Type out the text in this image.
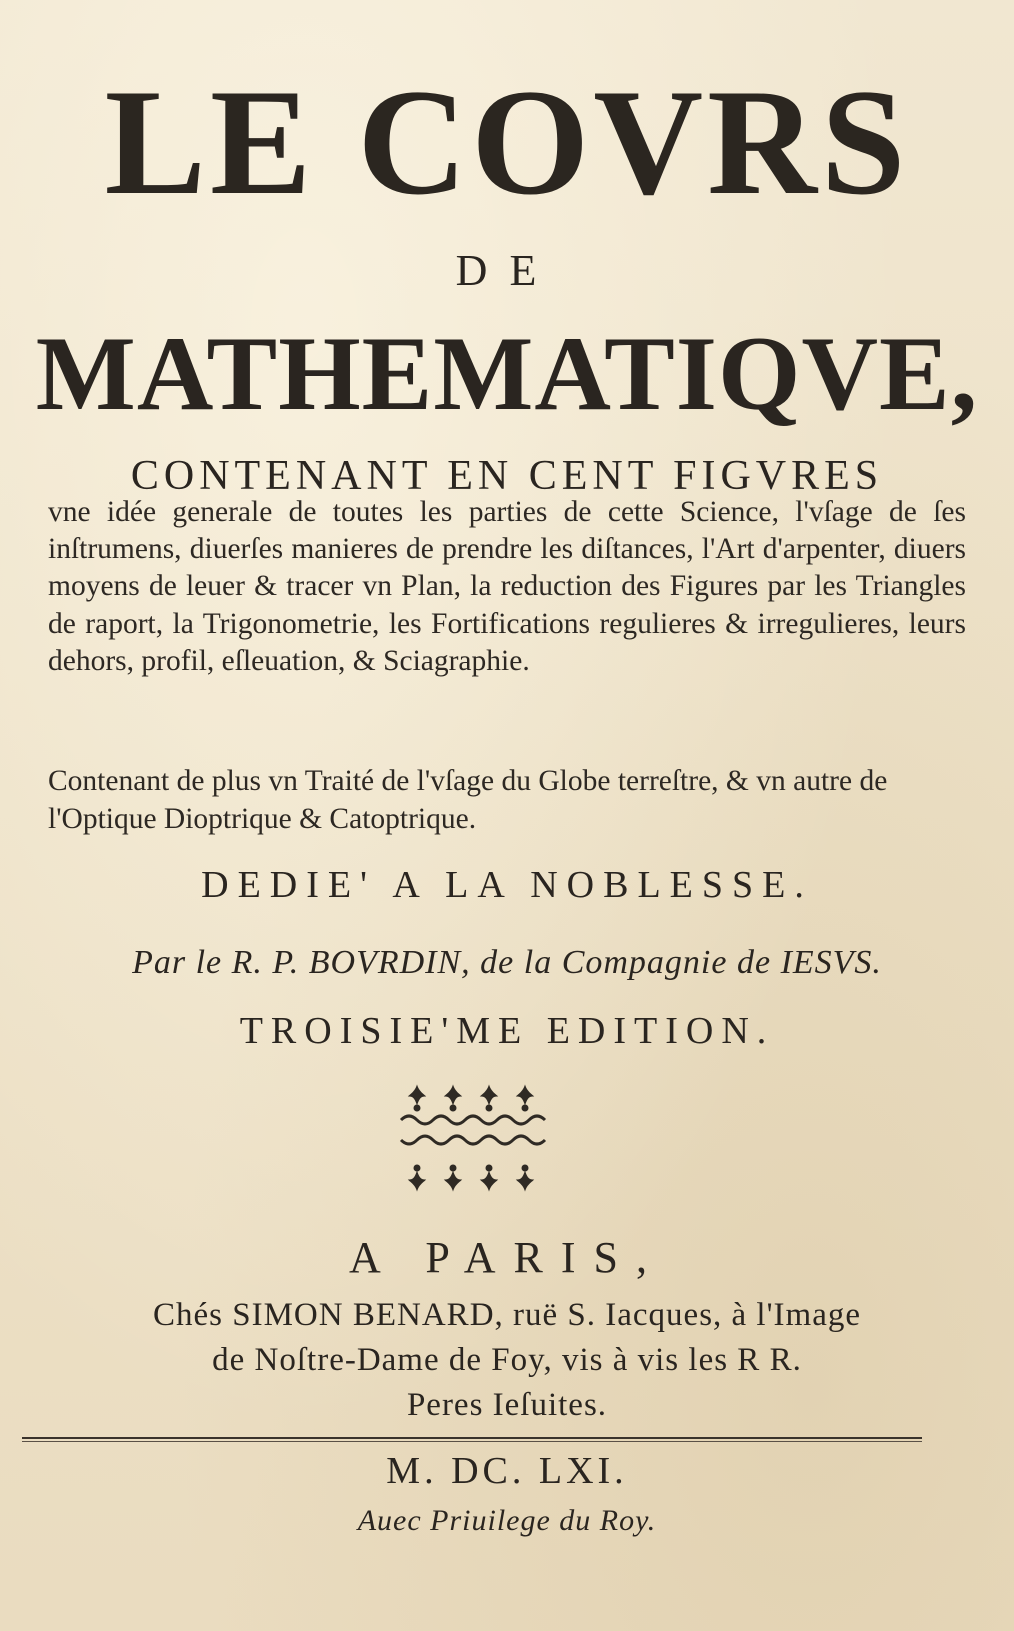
LE COVRS
DE
MATHEMATIQVE,
CONTENANT EN CENT FIGVRES

vne idée generale de toutes les parties de cette Science, l'vſage de ſes inſtrumens, diuerſes manieres de prendre les diſtances, l'Art d'arpenter, diuers moyens de leuer & tracer vn Plan, la reduction des Figures par les Triangles de raport, la Trigonometrie, les Fortifications regulieres & irregulieres, leurs dehors, profil, eſleuation, & Sciagraphie.

Contenant de plus vn Traité de l'vſage du Globe terreſtre, & vn autre de l'Optique Dioptrique & Catoptrique.

DEDIE' A LA NOBLESSE.
Par le R. P. BOVRDIN, de la Compagnie de IESVS.
TROISIE'ME EDITION.
A PARIS,
Chés SIMON BENARD, ruë S. Iacques, à l'Image
de Noſtre-Dame de Foy, vis à vis les R R.
Peres Ieſuites.
M. DC. LXI.
Auec Priuilege du Roy.
